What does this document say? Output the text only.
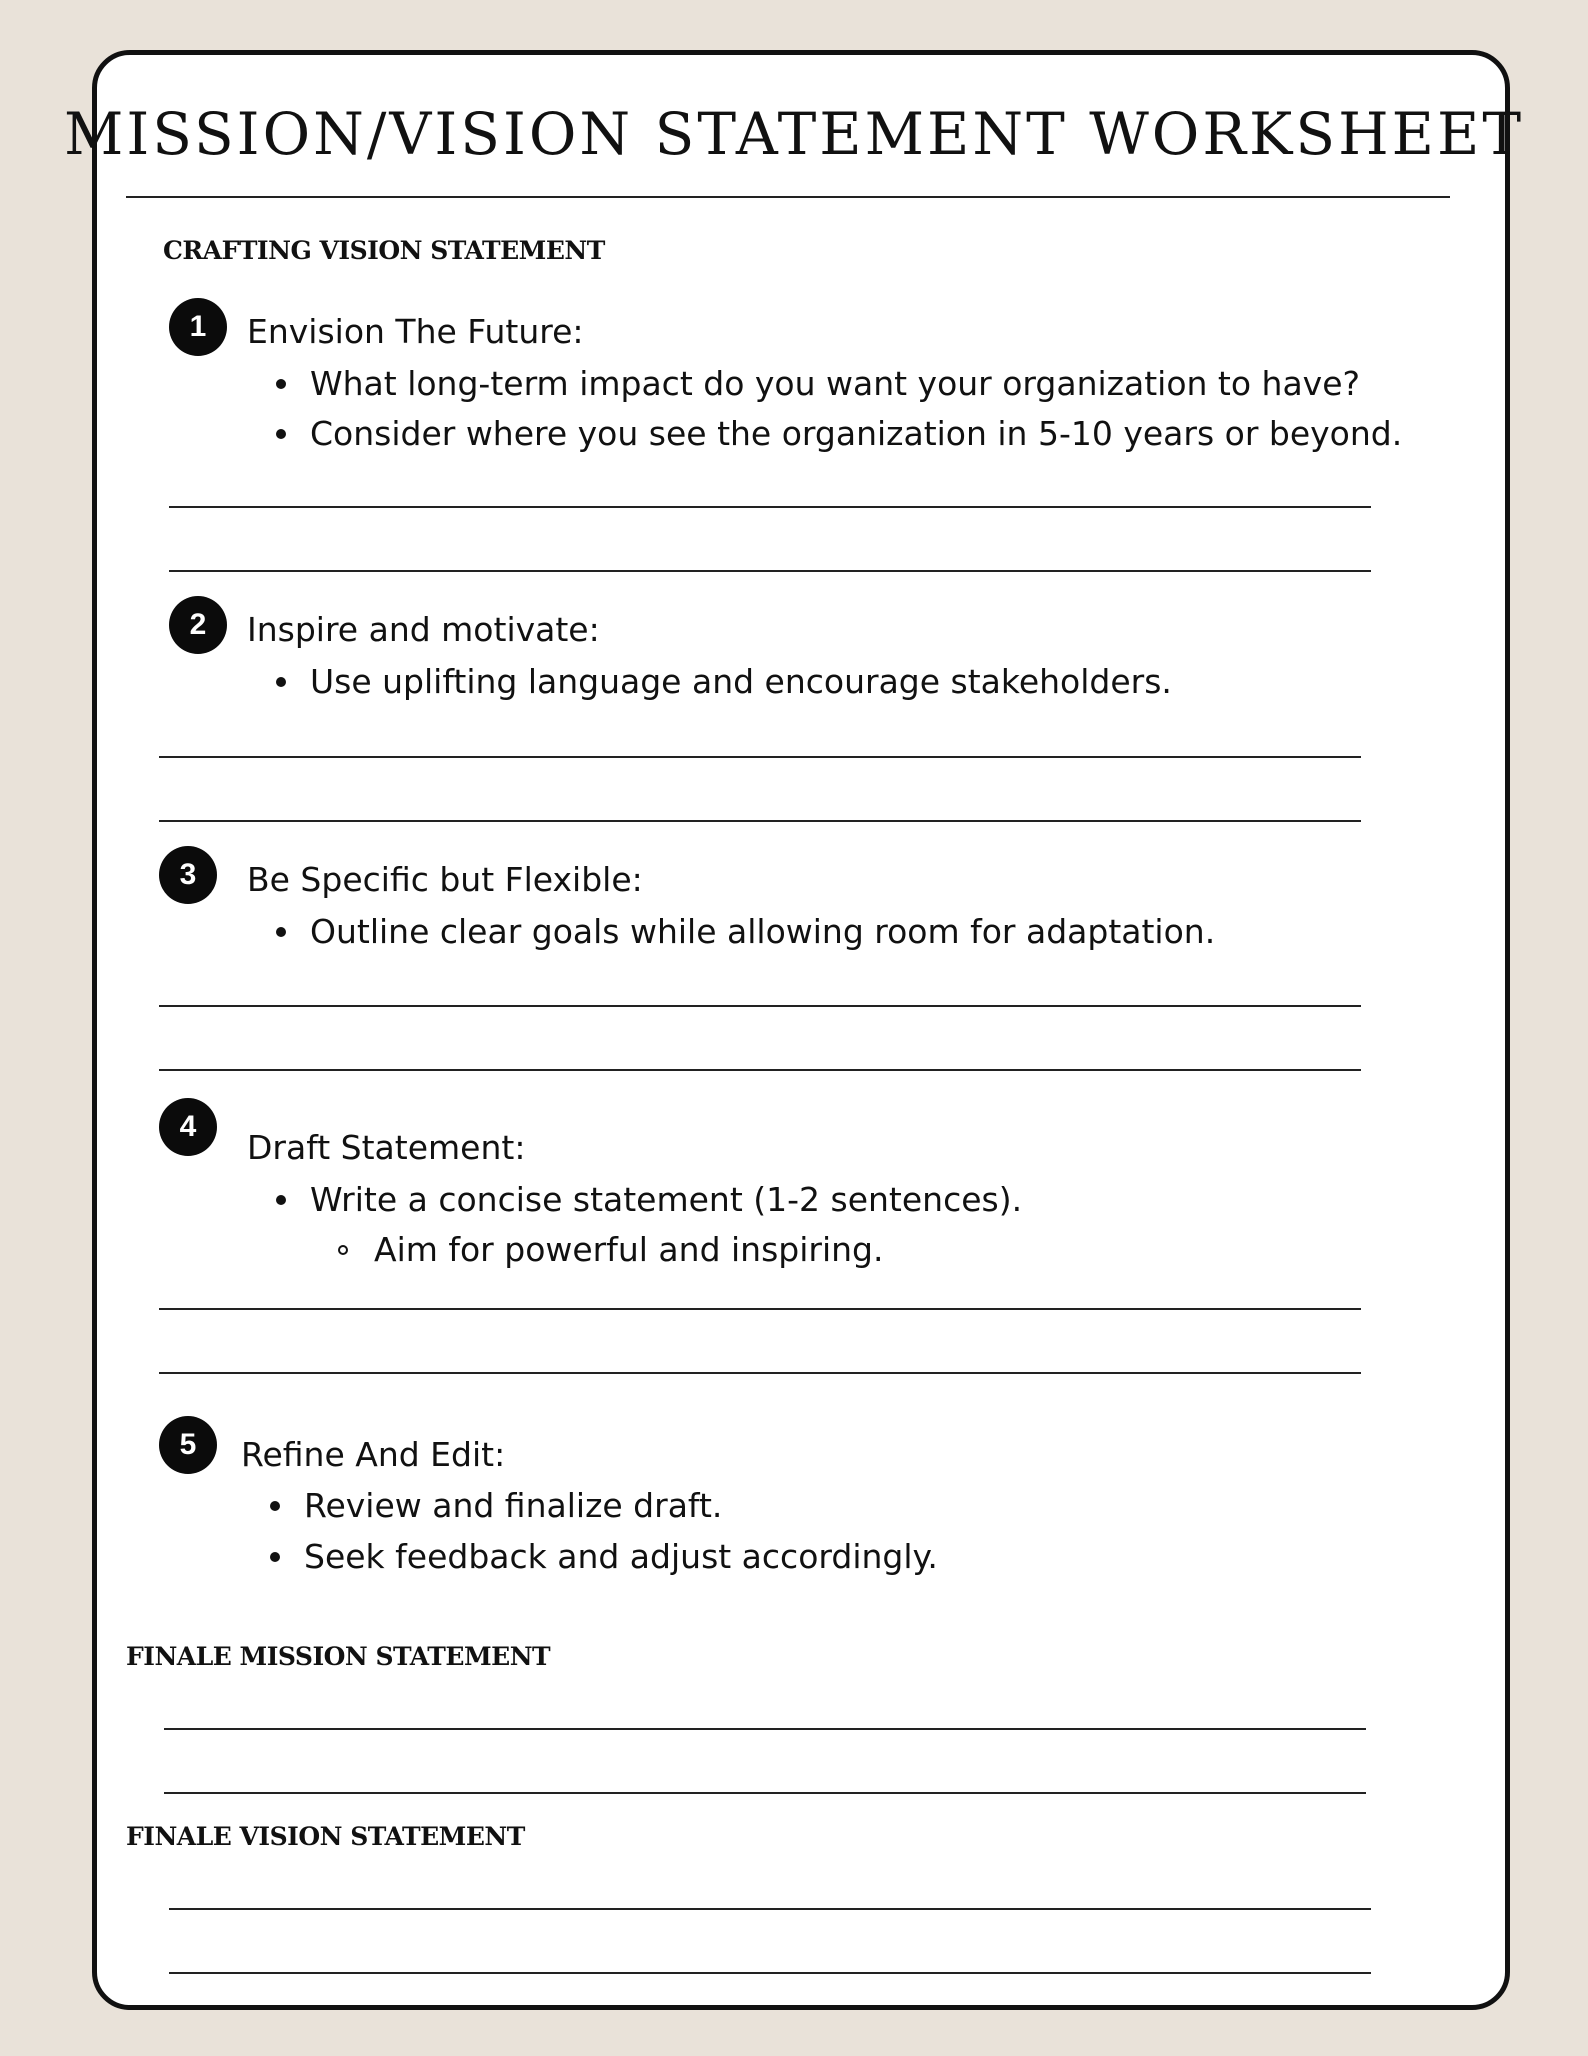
MISSION/VISION STATEMENT WORKSHEET
CRAFTING VISION STATEMENT
1	Envision The Future:
What long-term impact do you want your organization to have?
Consider where you see the organization in 5-10 years or beyond.
2	Inspire and motivate:
Use uplifting language and encourage stakeholders.
3	Be Specific but Flexible:
Outline clear goals while allowing room for adaptation.
4
Draft Statement:
Write a concise statement (1-2 sentences).
Aim for powerful and inspiring.
5	Refine And Edit:
Review and finalize draft.
Seek feedback and adjust accordingly.
FINALE MISSION STATEMENT
FINALE VISION STATEMENT
